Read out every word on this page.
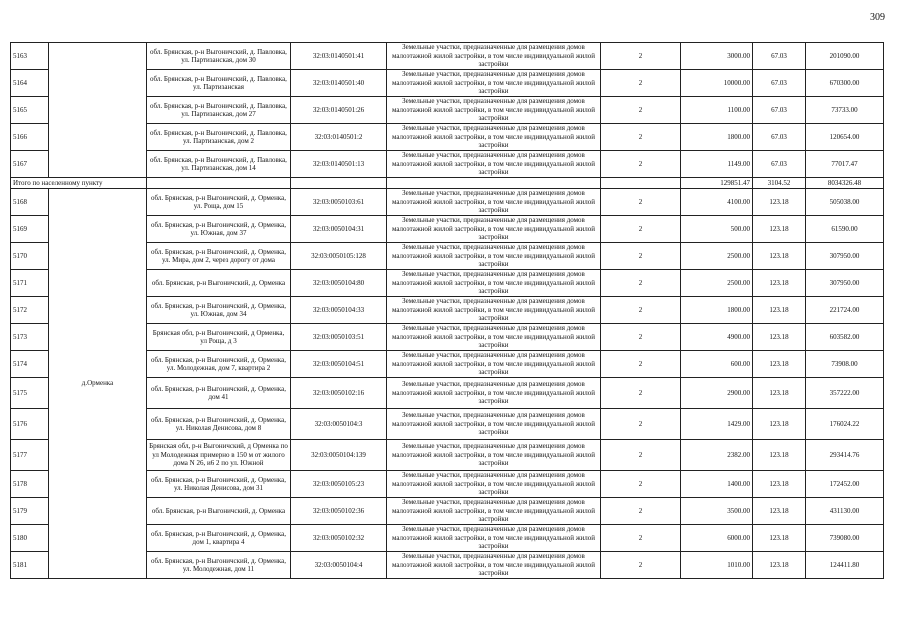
309
5163		обл. Брянская, р-н Выгоничский, д. Павловка, ул. Партизанская, дом 30	32:03:0140501:41	Земельные участки, предназначенные для размещения домов малоэтажной жилой застройки, в том числе индивидуальной жилой застройки	2	3000.00	67.03	201090.00
5164		обл. Брянская, р-н Выгоничский, д. Павловка, ул. Партизанская	32:03:0140501:40	Земельные участки, предназначенные для размещения домов малоэтажной жилой застройки, в том числе индивидуальной жилой застройки	2	10000.00	67.03	670300.00
5165		обл. Брянская, р-н Выгоничский, д. Павловка, ул. Партизанская, дом 27	32:03:0140501:26	Земельные участки, предназначенные для размещения домов малоэтажной жилой застройки, в том числе индивидуальной жилой застройки	2	1100.00	67.03	73733.00
5166		обл. Брянская, р-н Выгоничский, д. Павловка, ул. Партизанская, дом 2	32:03:0140501:2	Земельные участки, предназначенные для размещения домов малоэтажной жилой застройки, в том числе индивидуальной жилой застройки	2	1800.00	67.03	120654.00
5167		обл. Брянская, р-н Выгоничский, д. Павловка, ул. Партизанская, дом 14	32:03:0140501:13	Земельные участки, предназначенные для размещения домов малоэтажной жилой застройки, в том числе индивидуальной жилой застройки	2	1149.00	67.03	77017.47
Итого по населенному пункту						129851.47	3104.52	8034326.48
5168	д.Орменка	обл. Брянская, р-н Выгоничский, д. Орменка, ул. Роща, дом 15	32:03:0050103:61	Земельные участки, предназначенные для размещения домов малоэтажной жилой застройки, в том числе индивидуальной жилой застройки	2	4100.00	123.18	505038.00
5169		обл. Брянская, р-н Выгоничский, д. Орменка, ул. Южная, дом 37	32:03:0050104:31	Земельные участки, предназначенные для размещения домов малоэтажной жилой застройки, в том числе индивидуальной жилой застройки	2	500.00	123.18	61590.00
5170		обл. Брянская, р-н Выгоничский, д. Орменка, ул. Мира, дом 2, через дорогу от дома	32:03:0050105:128	Земельные участки, предназначенные для размещения домов малоэтажной жилой застройки, в том числе индивидуальной жилой застройки	2	2500.00	123.18	307950.00
5171		обл. Брянская, р-н Выгоничский, д. Орменка	32:03:0050104:80	Земельные участки, предназначенные для размещения домов малоэтажной жилой застройки, в том числе индивидуальной жилой застройки	2	2500.00	123.18	307950.00
5172		обл. Брянская, р-н Выгоничский, д. Орменка, ул. Южная, дом 34	32:03:0050104:33	Земельные участки, предназначенные для размещения домов малоэтажной жилой застройки, в том числе индивидуальной жилой застройки	2	1800.00	123.18	221724.00
5173		Брянская обл, р-н Выгоничский, д Орменка, ул Роща, д 3	32:03:0050103:51	Земельные участки, предназначенные для размещения домов малоэтажной жилой застройки, в том числе индивидуальной жилой застройки	2	4900.00	123.18	603582.00
5174		обл. Брянская, р-н Выгоничский, д. Орменка, ул. Молодежная, дом 7, квартира 2	32:03:0050104:51	Земельные участки, предназначенные для размещения домов малоэтажной жилой застройки, в том числе индивидуальной жилой застройки	2	600.00	123.18	73908.00
5175		обл. Брянская, р-н Выгоничский, д. Орменка, дом 41	32:03:0050102:16	Земельные участки, предназначенные для размещения домов малоэтажной жилой застройки, в том числе индивидуальной жилой застройки	2	2900.00	123.18	357222.00
5176		обл. Брянская, р-н Выгоничский, д. Орменка, ул. Николая Денисова, дом 8	32:03:0050104:3	Земельные участки, предназначенные для размещения домов малоэтажной жилой застройки, в том числе индивидуальной жилой застройки	2	1429.00	123.18	176024.22
5177		Брянская обл, р-н Выгоничский, д Орменка по ул Молодежная примерно в 150 м от жилого дома N 26, и6 2 по ул. Южной	32:03:0050104:139	Земельные участки, предназначенные для размещения домов малоэтажной жилой застройки, в том числе индивидуальной жилой застройки	2	2382.00	123.18	293414.76
5178		обл. Брянская, р-н Выгоничский, д. Орменка, ул. Николая Денисова, дом 31	32:03:0050105:23	Земельные участки, предназначенные для размещения домов малоэтажной жилой застройки, в том числе индивидуальной жилой застройки	2	1400.00	123.18	172452.00
5179		обл. Брянская, р-н Выгоничский, д. Орменка	32:03:0050102:36	Земельные участки, предназначенные для размещения домов малоэтажной жилой застройки, в том числе индивидуальной жилой застройки	2	3500.00	123.18	431130.00
5180		обл. Брянская, р-н Выгоничский, д. Орменка, дом 1, квартира 4	32:03:0050102:32	Земельные участки, предназначенные для размещения домов малоэтажной жилой застройки, в том числе индивидуальной жилой застройки	2	6000.00	123.18	739080.00
5181		обл. Брянская, р-н Выгоничский, д. Орменка, ул. Молодежная, дом 11	32:03:0050104:4	Земельные участки, предназначенные для размещения домов малоэтажной жилой застройки, в том числе индивидуальной жилой застройки	2	1010.00	123.18	124411.80
